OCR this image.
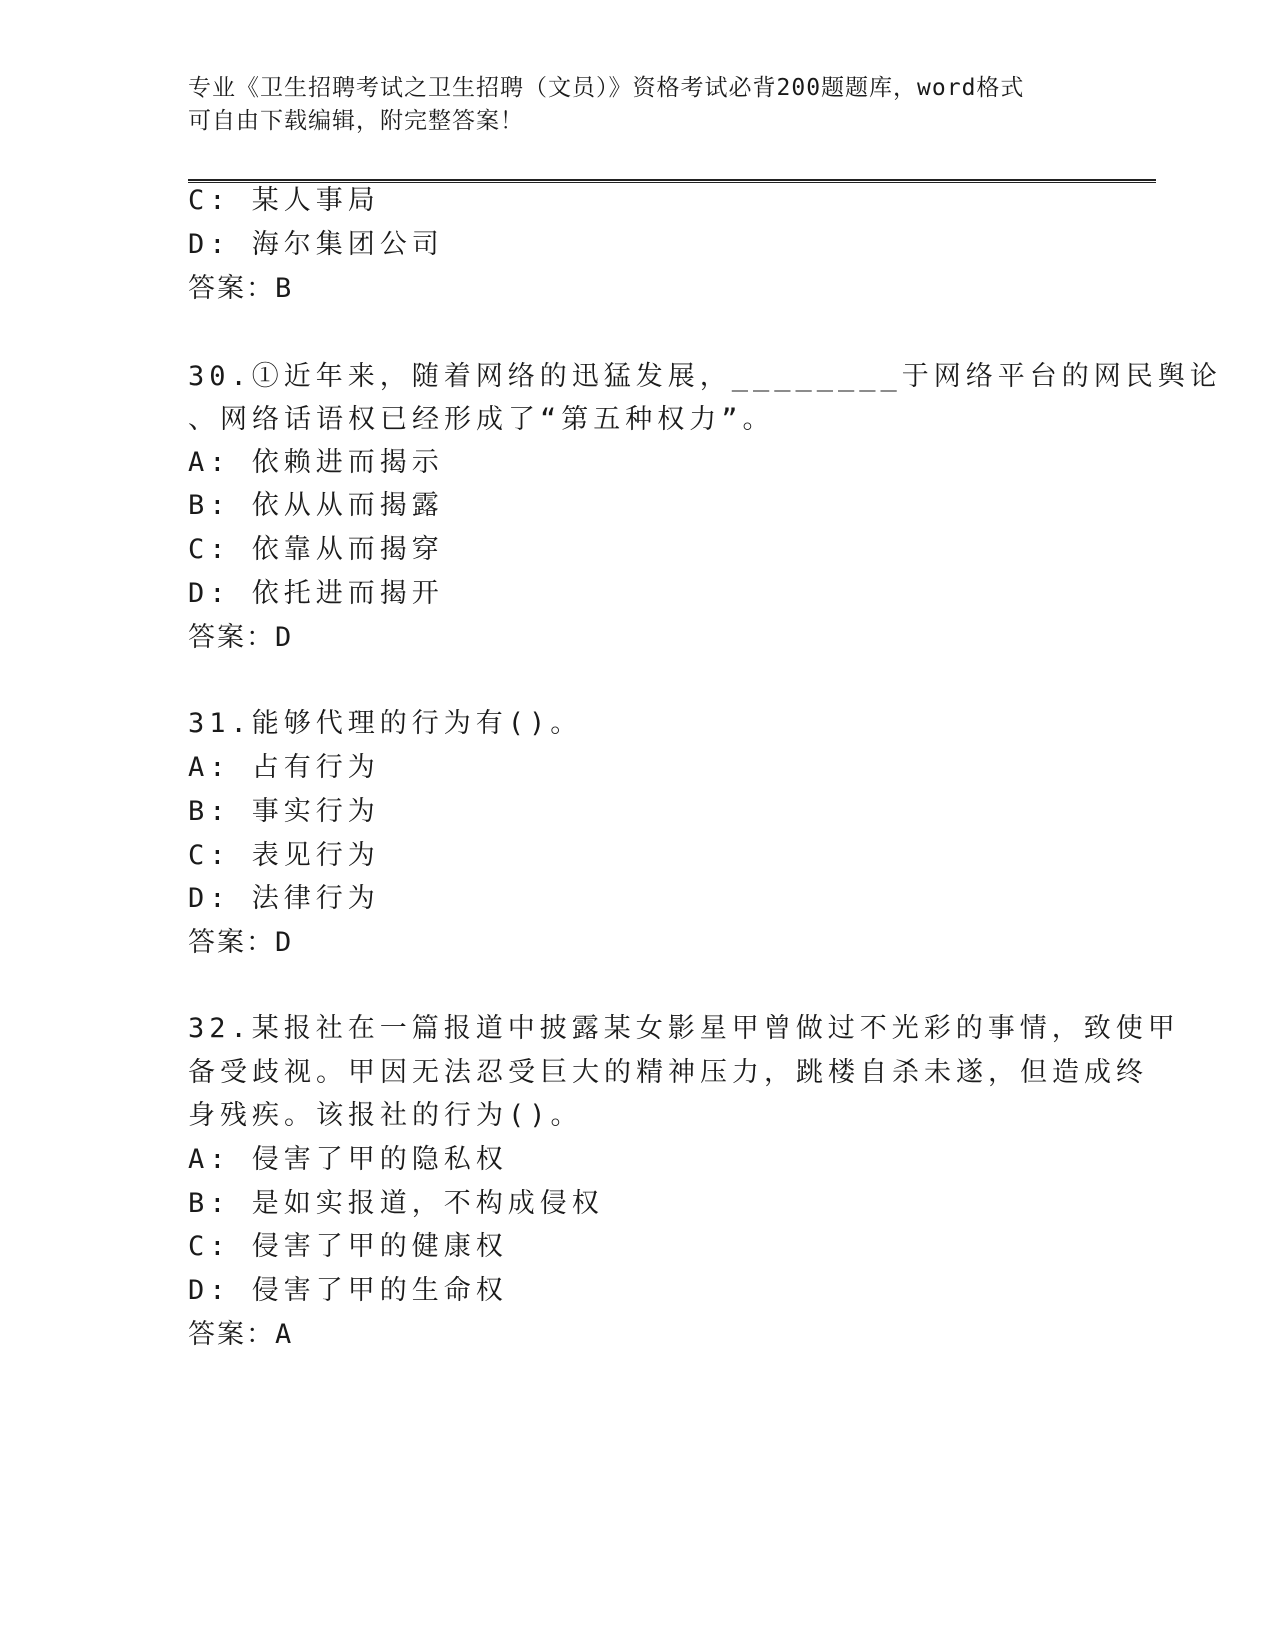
专业《卫生招聘考试之卫生招聘（文员）》资格考试必背200题题库，word格式
可自由下载编辑，附完整答案！
C: 某人事局
D: 海尔集团公司
答案：B
30.①近年来，随着网络的迅猛发展，________于网络平台的网民舆论
、网络话语权已经形成了“第五种权力”。
A: 依赖进而揭示
B: 依从从而揭露
C: 依靠从而揭穿
D: 依托进而揭开
答案：D
31.能够代理的行为有()。
A: 占有行为
B: 事实行为
C: 表见行为
D: 法律行为
答案：D
32.某报社在一篇报道中披露某女影星甲曾做过不光彩的事情，致使甲
备受歧视。甲因无法忍受巨大的精神压力，跳楼自杀未遂，但造成终
身残疾。该报社的行为()。
A: 侵害了甲的隐私权
B: 是如实报道，不构成侵权
C: 侵害了甲的健康权
D: 侵害了甲的生命权
答案：A
